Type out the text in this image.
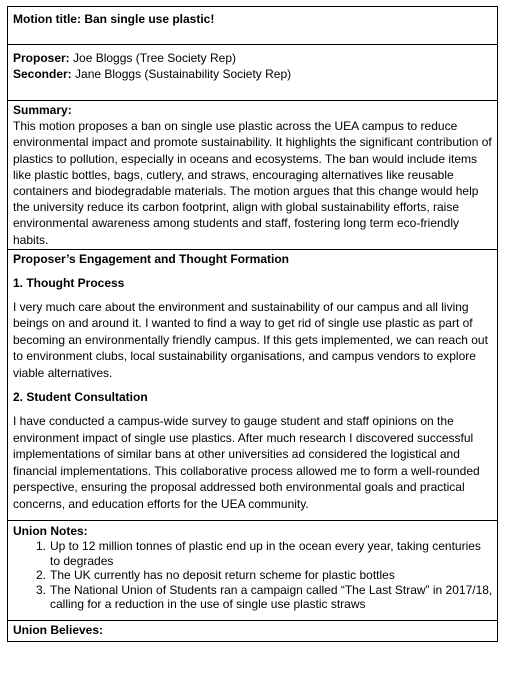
Motion title: Ban single use plastic!
Proposer: Joe Bloggs (Tree Society Rep)
Seconder: Jane Bloggs (Sustainability Society Rep)
Summary:
This motion proposes a ban on single use plastic across the UEA campus to reduce environmental impact and promote sustainability. It highlights the significant contribution of plastics to pollution, especially in oceans and ecosystems. The ban would include items like plastic bottles, bags, cutlery, and straws, encouraging alternatives like reusable containers and biodegradable materials. The motion argues that this change would help the university reduce its carbon footprint, align with global sustainability efforts, raise environmental awareness among students and staff, fostering long term eco-friendly habits.
Proposer’s Engagement and Thought Formation
1. Thought Process

I very much care about the environment and sustainability of our campus and all living beings on and around it. I wanted to find a way to get rid of single use plastic as part of becoming an environmentally friendly campus. If this gets implemented, we can reach out to environment clubs, local sustainability organisations, and campus vendors to explore viable alternatives.

2. Student Consultation

I have conducted a campus-wide survey to gauge student and staff opinions on the environment impact of single use plastics. After much research I discovered successful implementations of similar bans at other universities ad considered the logistical and financial implementations. This collaborative process allowed me to form a well-rounded perspective, ensuring the proposal addressed both environmental goals and practical concerns, and education efforts for the UEA community.

Union Notes:
1. Up to 12 million tonnes of plastic end up in the ocean every year, taking centuries to degrades
2. The UK currently has no deposit return scheme for plastic bottles
3. The National Union of Students ran a campaign called “The Last Straw” in 2017/18, calling for a reduction in the use of single use plastic straws
Union Believes:
